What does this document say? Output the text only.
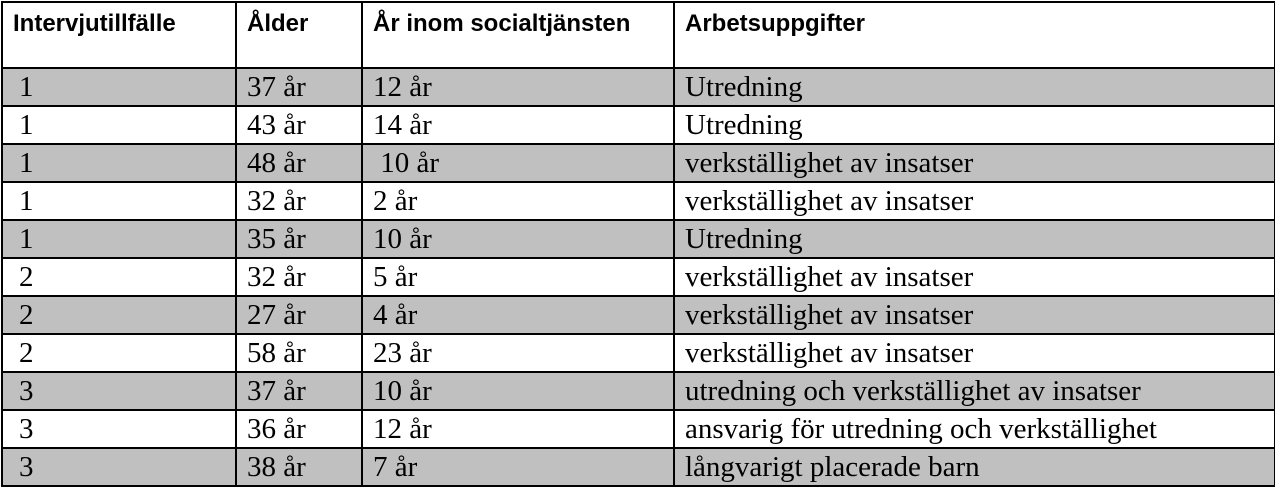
Intervjutillfälle	Ålder	År inom socialtjänsten	Arbetsuppgifter
1	37 år	12 år	Utredning
1	43 år	14 år	Utredning
1	48 år	10 år	verkställighet av insatser
1	32 år	2 år	verkställighet av insatser
1	35 år	10 år	Utredning
2	32 år	5 år	verkställighet av insatser
2	27 år	4 år	verkställighet av insatser
2	58 år	23 år	verkställighet av insatser
3	37 år	10 år	utredning och verkställighet av insatser
3	36 år	12 år	ansvarig för utredning och verkställighet
3	38 år	7 år	långvarigt placerade barn
